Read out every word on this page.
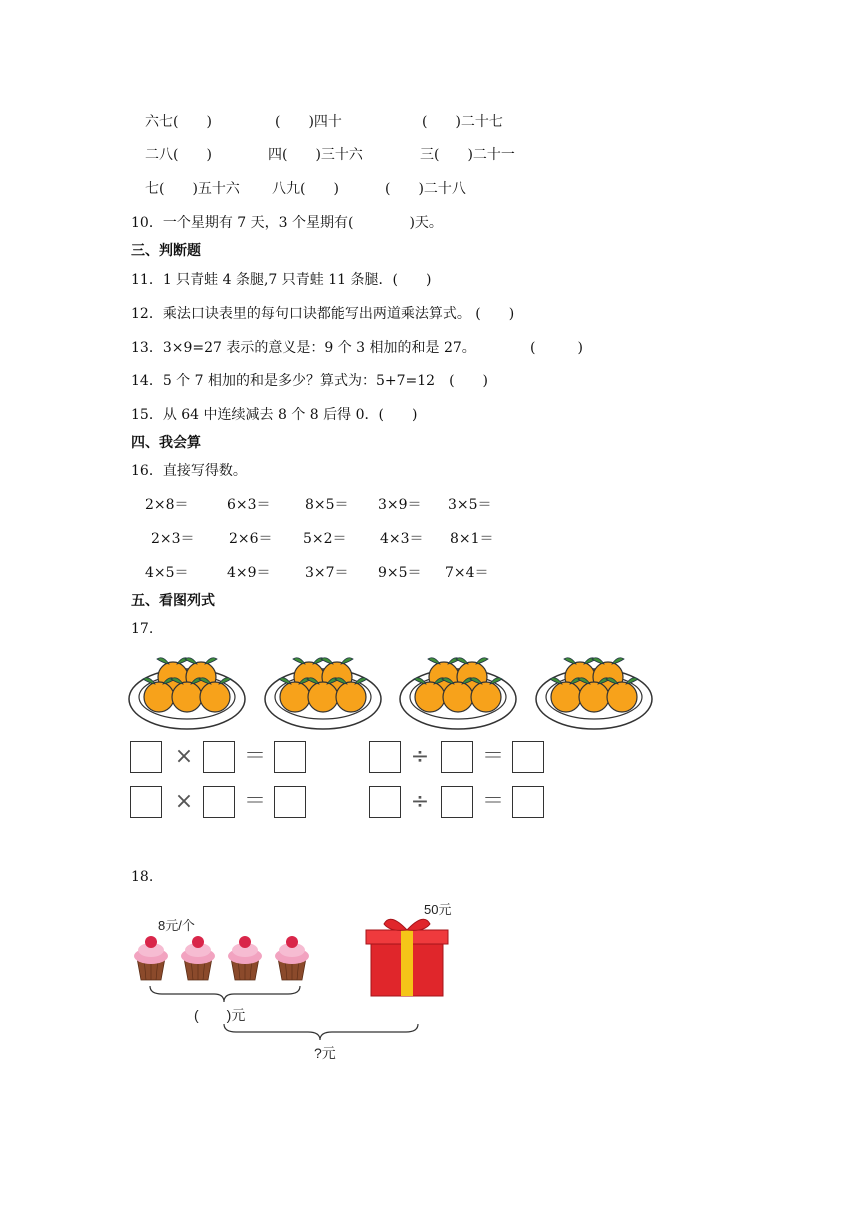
六七(　　)	(　　)四十	(　　)二十七
二八(　　)	四(　　)三十六	三(　　)二十一
七(　　)五十六 八九(　　)	(　　)二十八
10．一个星期有 7 天，3 个星期有(　　　　)天。
三、判断题
11．1 只青蛙 4 条腿,7 只青蛙 11 条腿．(　　)
12．乘法口诀表里的每句口诀都能写出两道乘法算式。 (　　)
13．3×9=27 表示的意义是：9 个 3 相加的和是 27。	(　　　)
14．5 个 7 相加的和是多少？算式为：5+7=12　(　　)
15．从 64 中连续减去 8 个 8 后得 0．(　　)
四、我会算
16．直接写得数。
2×8＝	6×3＝ 8×5＝ 3×9＝ 3×5＝
2×3＝ 2×6＝ 5×2＝ 4×3＝ 8×1＝
4×5＝	4×9＝ 3×7＝ 9×5＝ 7×4＝
五、看图列式
17.
× ＝	÷ ＝
× ＝	÷ ＝
18.
8元/个
50元
(　　)元
?元
